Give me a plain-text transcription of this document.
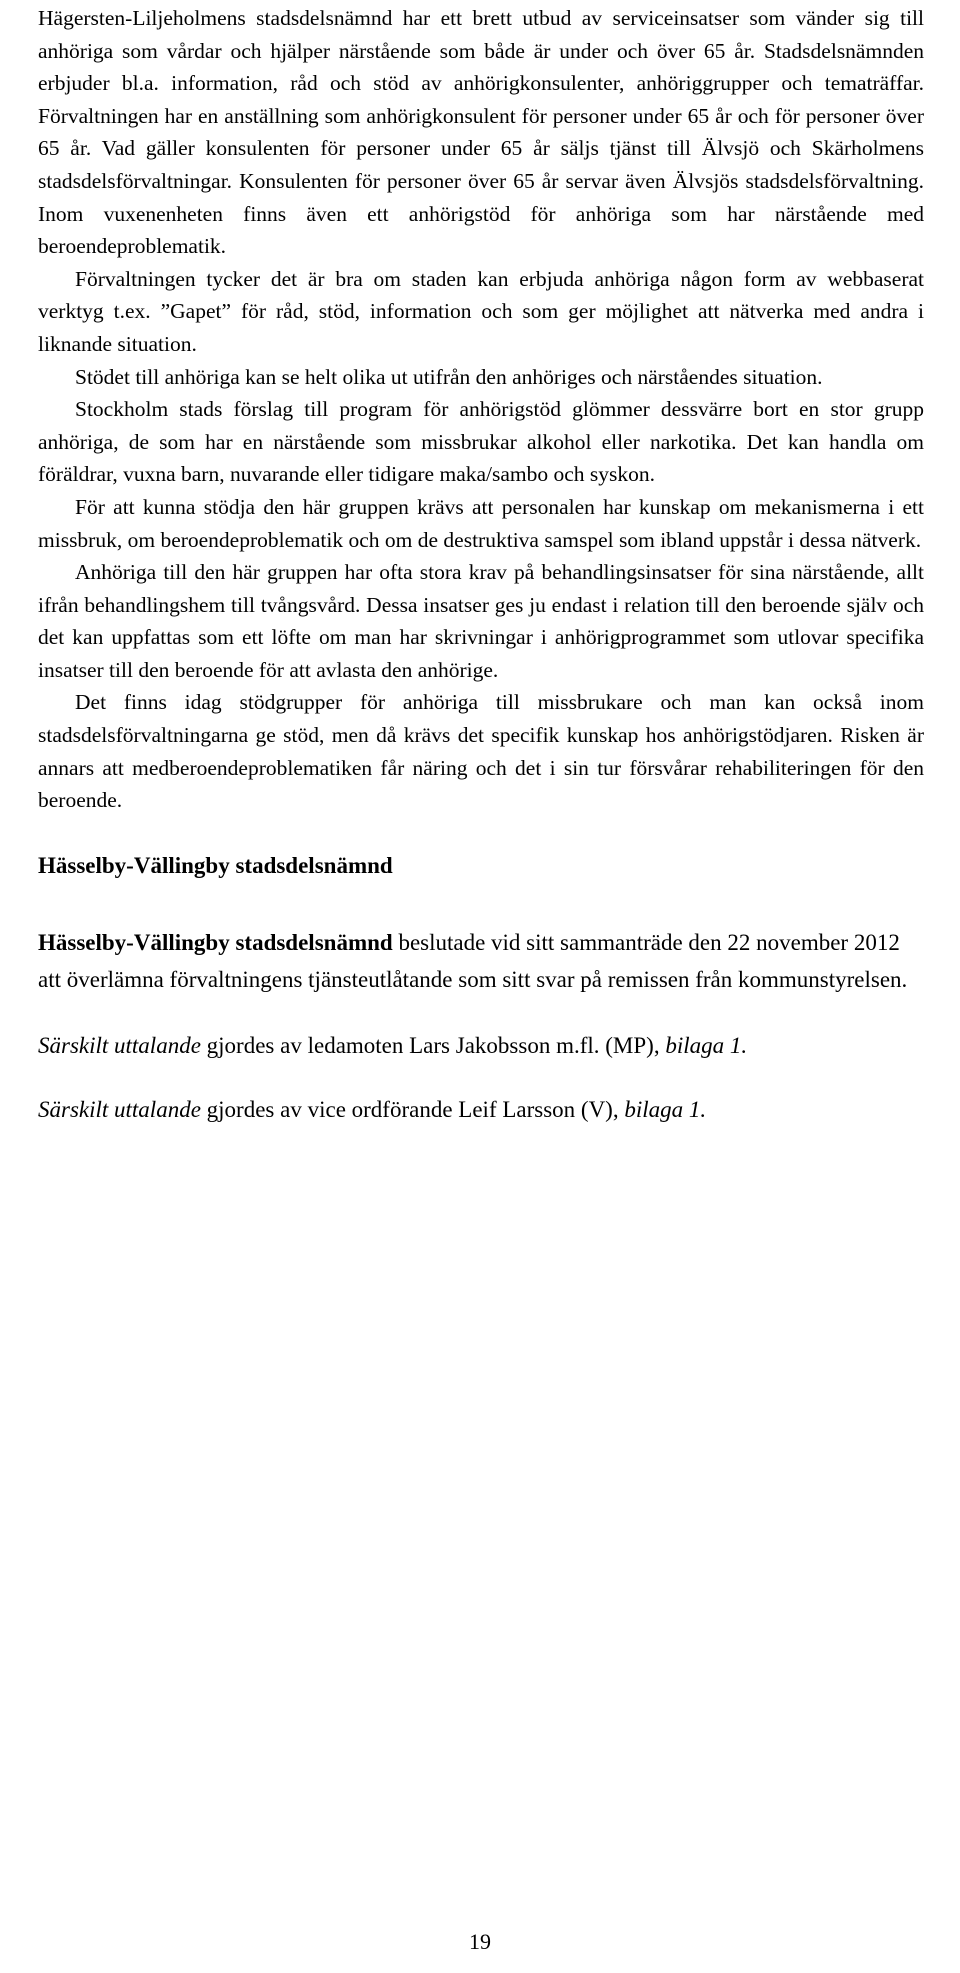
Hägersten-Liljeholmens stadsdelsnämnd har ett brett utbud av serviceinsatser som vänder sig till anhöriga som vårdar och hjälper närstående som både är under och över 65 år. Stadsdelsnämnden erbjuder bl.a. information, råd och stöd av anhörigkonsulenter, anhöriggrupper och tematräffar. Förvaltningen har en anställning som anhörigkonsulent för personer under 65 år och för personer över 65 år. Vad gäller konsulenten för personer under 65 år säljs tjänst till Älvsjö och Skärholmens stadsdelsförvaltningar. Konsulenten för personer över 65 år servar även Älvsjös stadsdelsförvaltning. Inom vuxenenheten finns även ett anhörigstöd för anhöriga som har närstående med beroendeproblematik.

Förvaltningen tycker det är bra om staden kan erbjuda anhöriga någon form av webbaserat verktyg t.ex. ”Gapet” för råd, stöd, information och som ger möjlighet att nätverka med andra i liknande situation.

Stödet till anhöriga kan se helt olika ut utifrån den anhöriges och närståendes situation.

Stockholm stads förslag till program för anhörigstöd glömmer dessvärre bort en stor grupp anhöriga, de som har en närstående som missbrukar alkohol eller narkotika. Det kan handla om föräldrar, vuxna barn, nuvarande eller tidigare maka/sambo och syskon.

För att kunna stödja den här gruppen krävs att personalen har kunskap om mekanismerna i ett missbruk, om beroendeproblematik och om de destruktiva samspel som ibland uppstår i dessa nätverk.

Anhöriga till den här gruppen har ofta stora krav på behandlingsinsatser för sina närstående, allt ifrån behandlingshem till tvångsvård. Dessa insatser ges ju endast i relation till den beroende själv och det kan uppfattas som ett löfte om man har skrivningar i anhörigprogrammet som utlovar specifika insatser till den beroende för att avlasta den anhörige.

Det finns idag stödgrupper för anhöriga till missbrukare och man kan också inom stadsdelsförvaltningarna ge stöd, men då krävs det specifik kunskap hos anhörigstödjaren. Risken är annars att medberoendeproblematiken får näring och det i sin tur försvårar rehabiliteringen för den beroende.

Hässelby-Vällingby stadsdelsnämnd

Hässelby-Vällingby stadsdelsnämnd beslutade vid sitt sammanträde den 22 november 2012 att överlämna förvaltningens tjänsteutlåtande som sitt svar på remissen från kommunstyrelsen.

Särskilt uttalande gjordes av ledamoten Lars Jakobsson m.fl. (MP), bilaga 1.

Särskilt uttalande gjordes av vice ordförande Leif Larsson (V), bilaga 1.

19
